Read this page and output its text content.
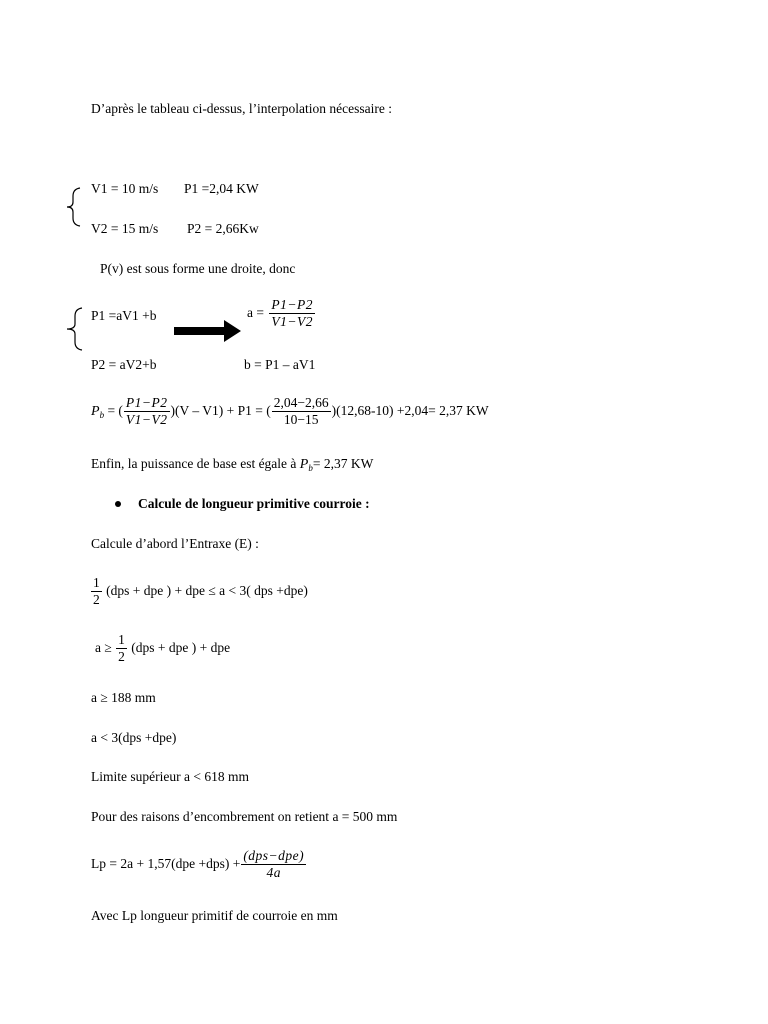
D’après le tableau ci-dessus, l’interpolation nécessaire :
V1 = 10 m/s P1 =2,04 KW
V2 = 15 m/s P2 = 2,66Kw
P(v) est sous forme une droite, donc
P1 =aV1 +b	$a = \frac{P1-P2}{V1-V2}$
P2 = aV2+b	b = P1 – aV1
$P_b$ = ( $\frac{P1-P2}{V1-V2} )(V - V1) + P1$ = ( $\frac{2,04-2,66}{10-15} )(12,68-10) +2,04= 2,37$ KW
Enfin, la puissance de base est égale à $P_b= 2,37$ KW
Calcule de longueur primitive courroie :
Calcule d’abord l’Entraxe (E) :
$\frac{1}{2} (dps$ + dpe ) + dpe ≤ a < 3( dps +dpe)
$a \ge \frac{1}{2} (dps$ + dpe ) + dpe
a ≥ 188 mm
a < 3(dps +dpe)
Limite supérieur a < 618 mm
Pour des raisons d’encombrement on retient a = 500 mm
$Lp = 2a + 1,57(dpe +dps) + \frac{\text{(dps−dpe)}}{4a}$
Avec Lp longueur primitif de courroie en mm
